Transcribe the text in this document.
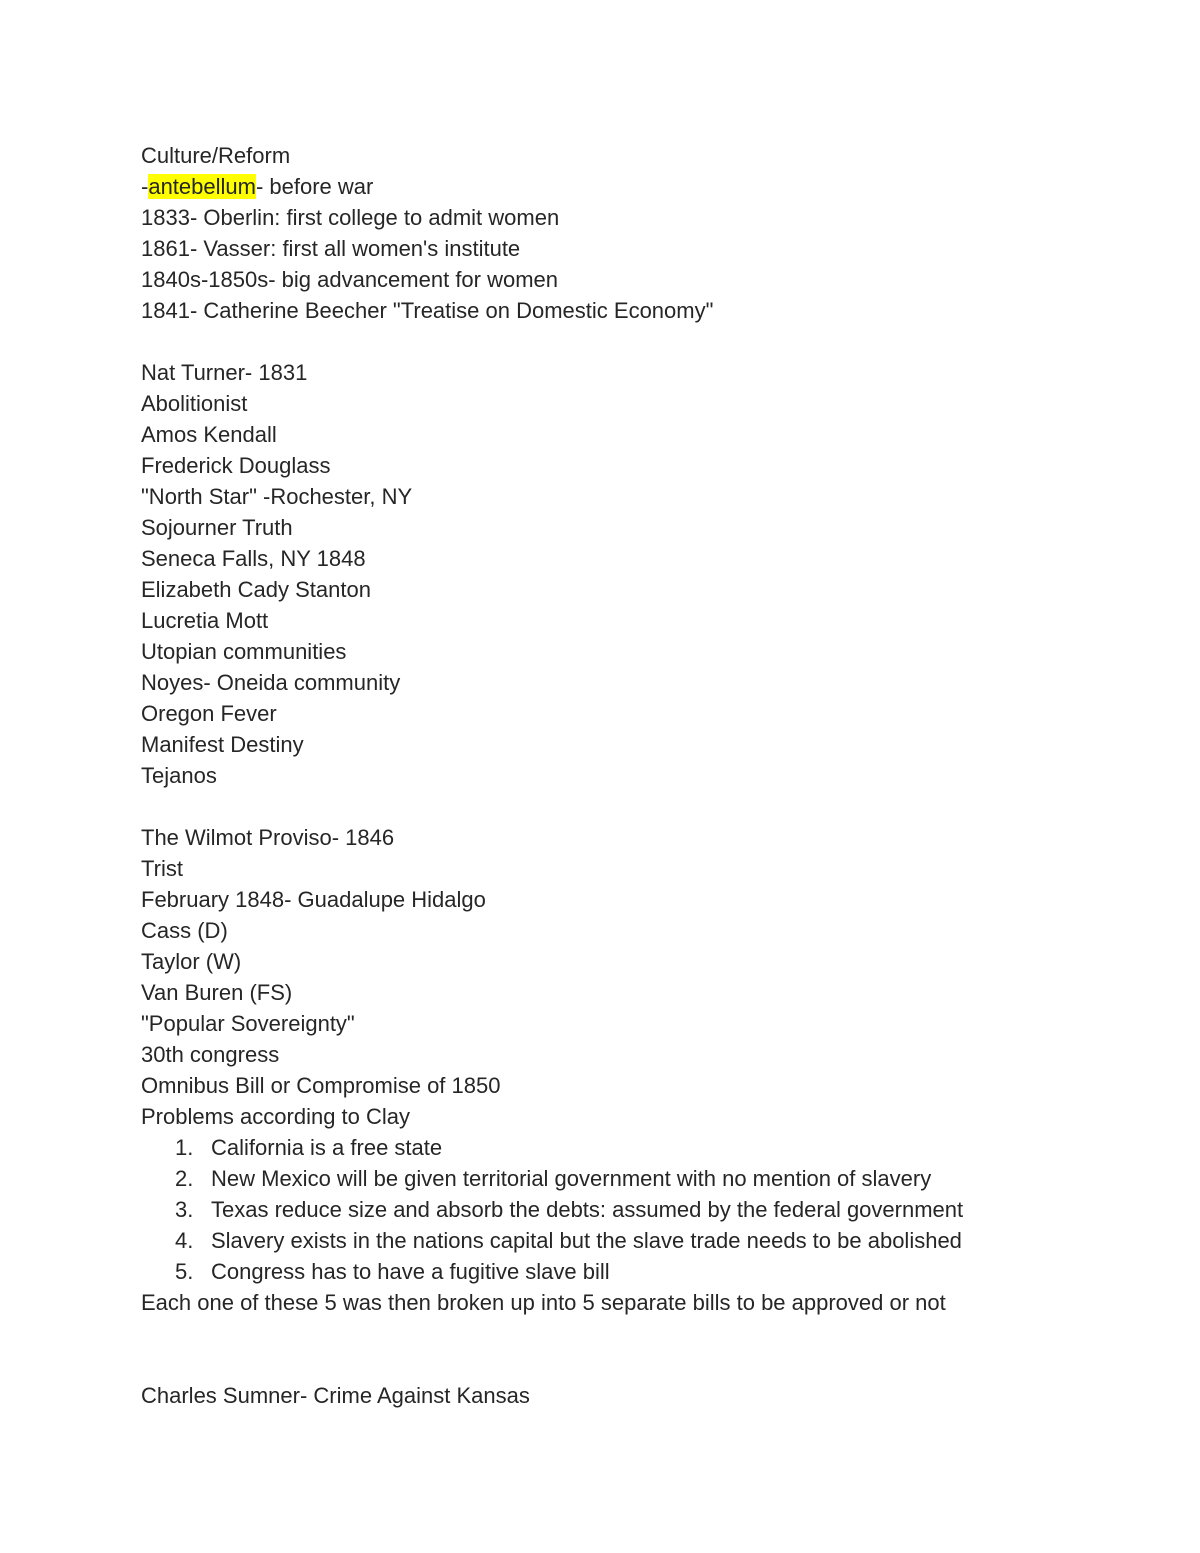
Culture/Reform
-antebellum- before war
1833- Oberlin: first college to admit women
1861- Vasser: first all women's institute
1840s-1850s- big advancement for women
1841- Catherine Beecher "Treatise on Domestic Economy"
Nat Turner- 1831
Abolitionist
Amos Kendall
Frederick Douglass
"North Star" -Rochester, NY
Sojourner Truth
Seneca Falls, NY 1848
Elizabeth Cady Stanton
Lucretia Mott
Utopian communities
Noyes- Oneida community
Oregon Fever
Manifest Destiny
Tejanos
The Wilmot Proviso- 1846
Trist
February 1848- Guadalupe Hidalgo
Cass (D)
Taylor (W)
Van Buren (FS)
"Popular Sovereignty"
30th congress
Omnibus Bill or Compromise of 1850
Problems according to Clay
1. California is a free state
2. New Mexico will be given territorial government with no mention of slavery
3. Texas reduce size and absorb the debts: assumed by the federal government
4. Slavery exists in the nations capital but the slave trade needs to be abolished
5. Congress has to have a fugitive slave bill
Each one of these 5 was then broken up into 5 separate bills to be approved or not
Charles Sumner- Crime Against Kansas
